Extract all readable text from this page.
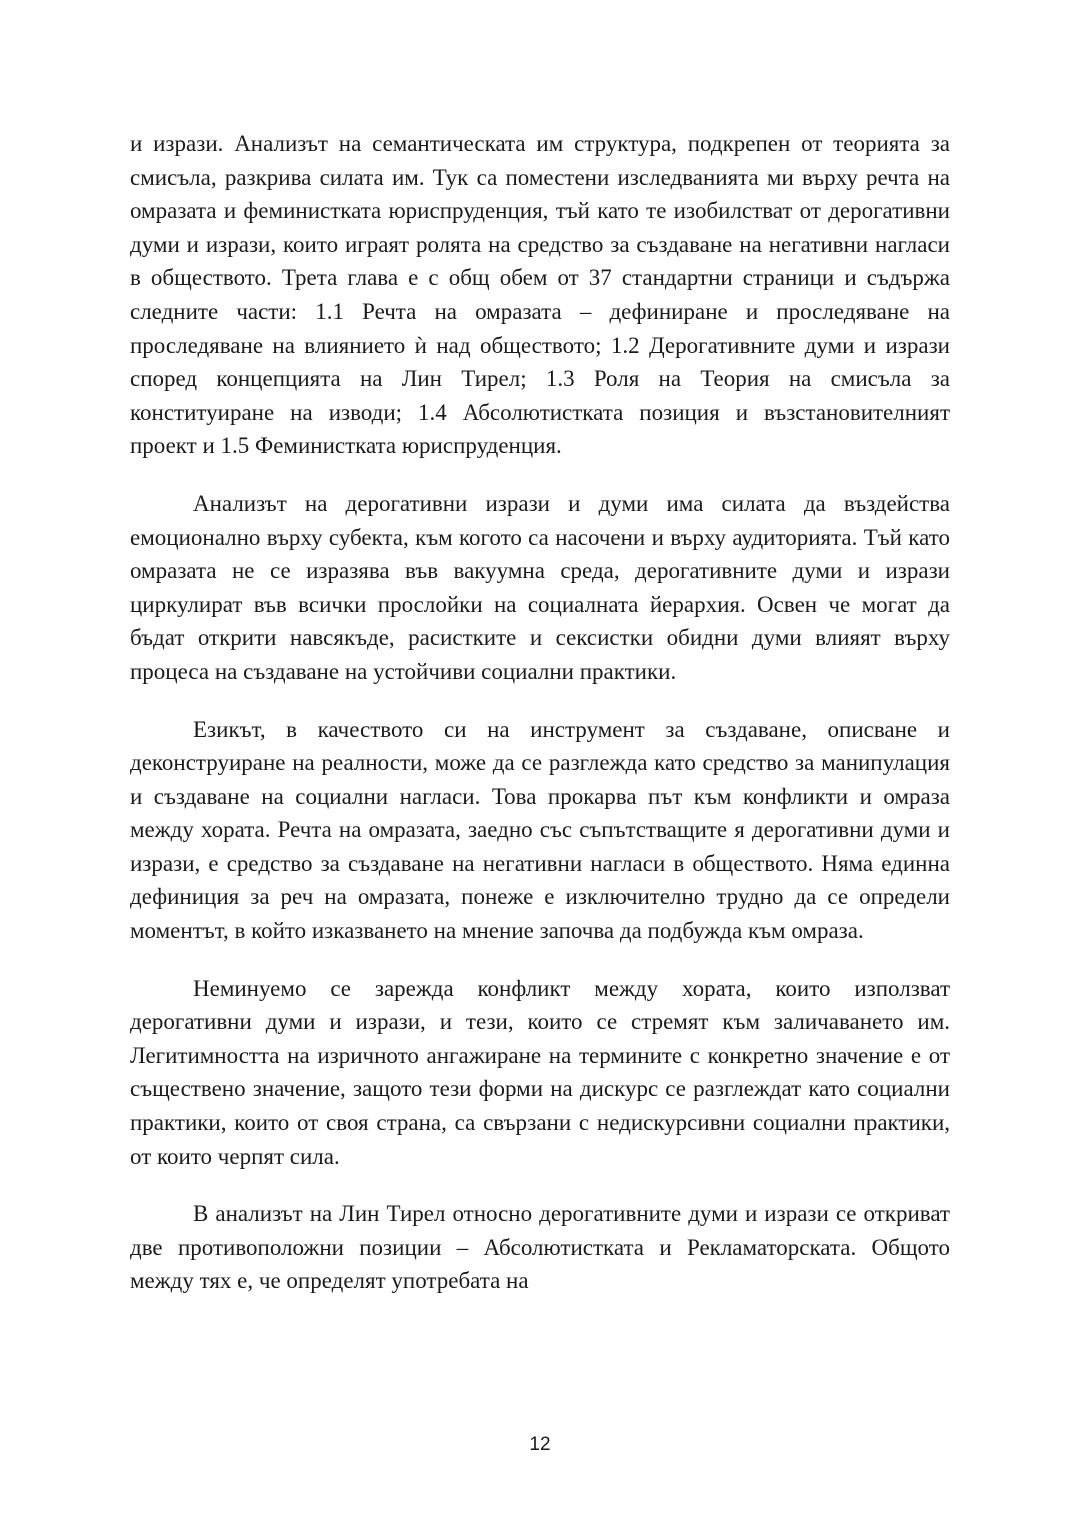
и изрази. Анализът на семантическата им структура, подкрепен от теорията за смисъла, разкрива силата им. Тук са поместени изследванията ми върху речта на омразата и феминистката юриспруденция, тъй като те изобилстват от дерогативни думи и изрази, които играят ролята на средство за създаване на негативни нагласи в обществото. Трета глава е с общ обем от 37 стандартни страници и съдържа следните части: 1.1 Речта на омразата – дефиниране и проследяване на проследяване на влиянието ѝ над обществото; 1.2 Дерогативните думи и изрази според концепцията на Лин Тирел; 1.3 Роля на Теория на смисъла за конституиране на изводи; 1.4 Абсолютистката позиция и възстановителният проект и 1.5 Феминистката юриспруденция.

Анализът на дерогативни изрази и думи има силата да въздейства емоционално върху субекта, към когото са насочени и върху аудиторията. Тъй като омразата не се изразява във вакуумна среда, дерогативните думи и изрази циркулират във всички прослойки на социалната йерархия. Освен че могат да бъдат открити навсякъде, расистките и сексистки обидни думи влияят върху процеса на създаване на устойчиви социални практики.

Езикът, в качеството си на инструмент за създаване, описване и деконструиране на реалности, може да се разглежда като средство за манипулация и създаване на социални нагласи. Това прокарва път към конфликти и омраза между хората. Речта на омразата, заедно със съпътстващите я дерогативни думи и изрази, е средство за създаване на негативни нагласи в обществото. Няма единна дефиниция за реч на омразата, понеже е изключително трудно да се определи моментът, в който изказването на мнение започва да подбужда към омраза.

Неминуемо се зарежда конфликт между хората, които използват дерогативни думи и изрази, и тези, които се стремят към заличаването им. Легитимността на изричното ангажиране на термините с конкретно значение е от съществено значение, защото тези форми на дискурс се разглеждат като социални практики, които от своя страна, са свързани с недискурсивни социални практики, от които черпят сила.

В анализът на Лин Тирел относно дерогативните думи и изрази се откриват две противоположни позиции – Абсолютистката и Рекламаторската. Общото между тях е, че определят употребата на

12
